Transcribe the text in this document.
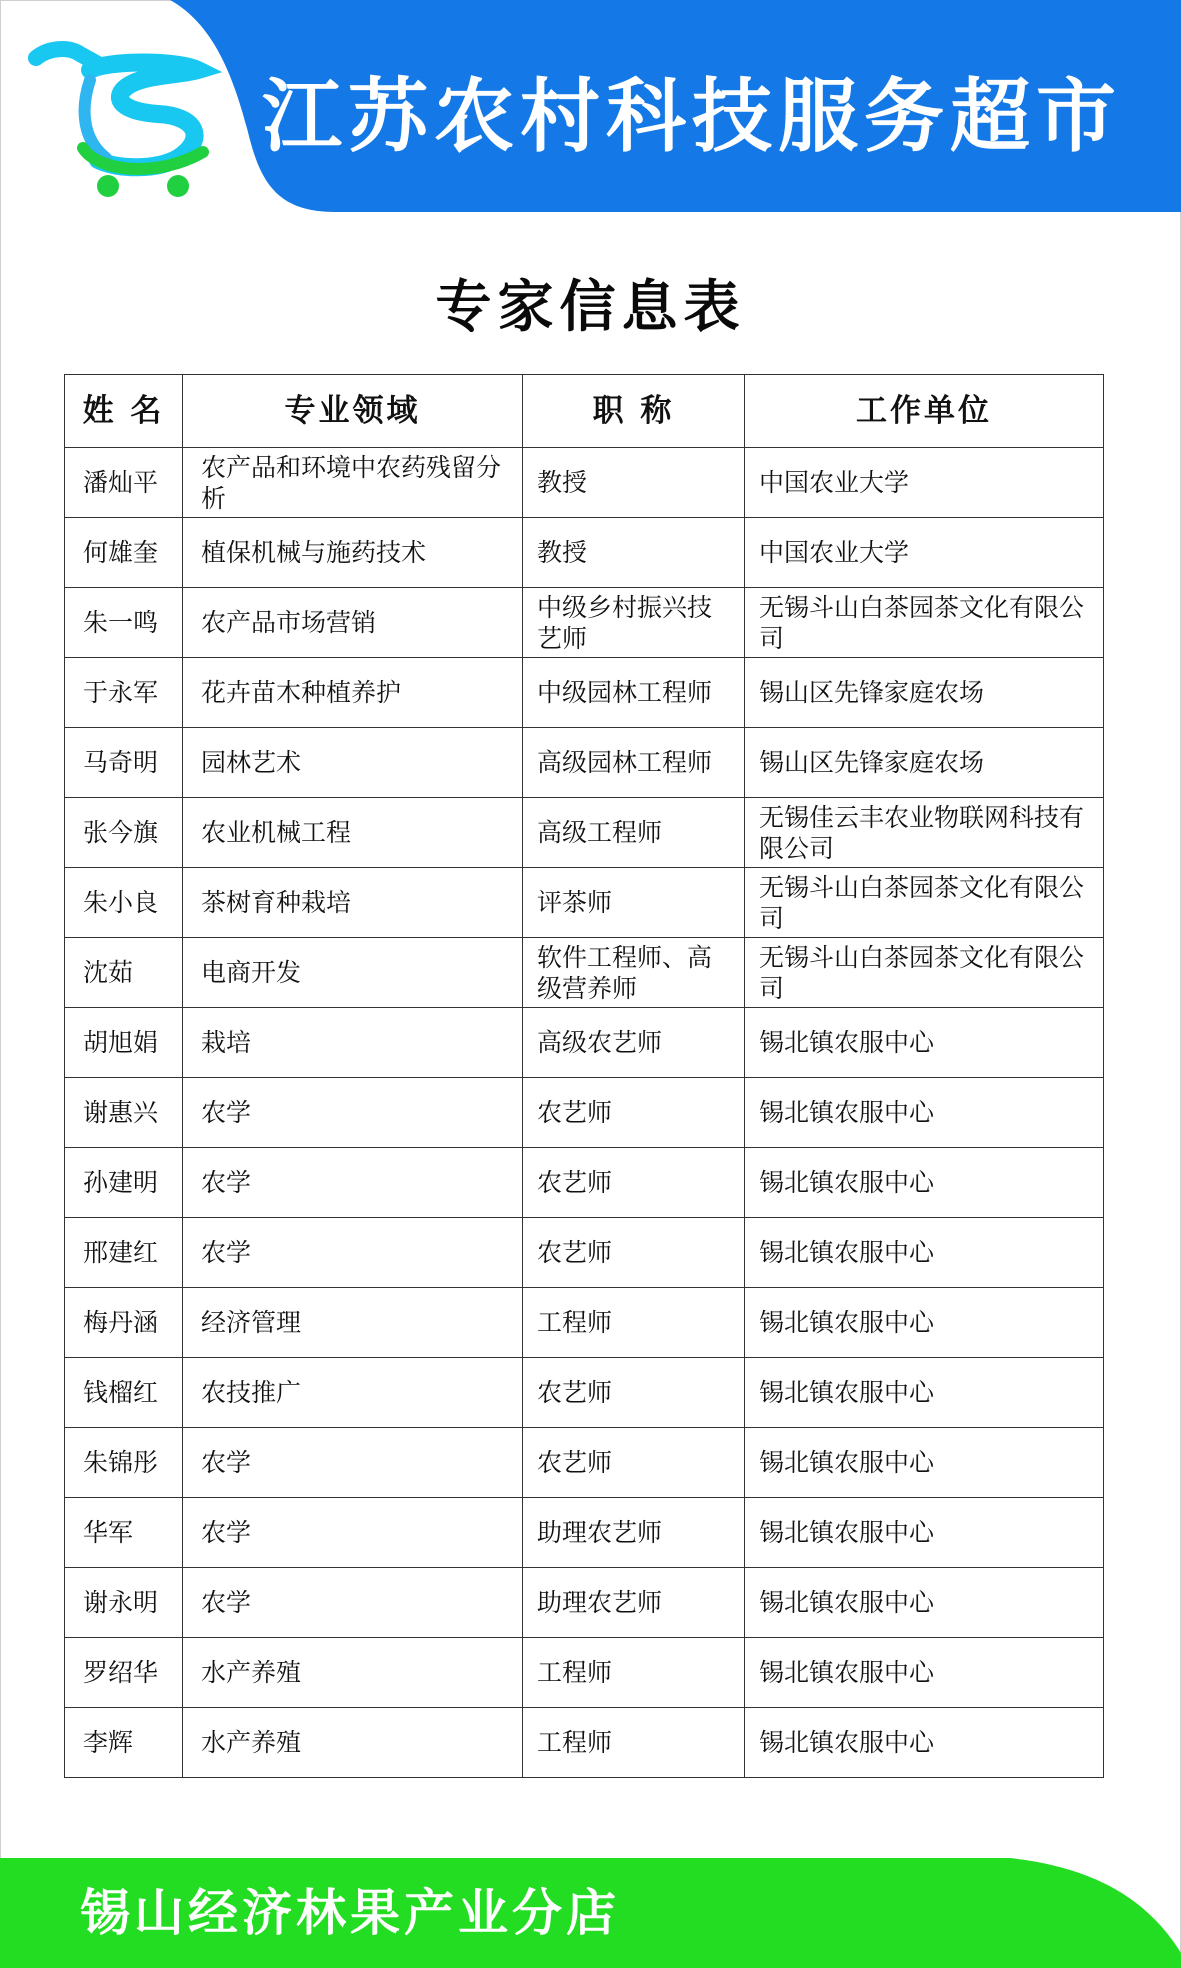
江苏农村科技服务超市
专家信息表
姓 名	专业领域	职 称	工作单位
潘灿平	农产品和环境中农药残留分析	教授	中国农业大学
何雄奎	植保机械与施药技术	教授	中国农业大学
朱一鸣	农产品市场营销	中级乡村振兴技艺师	无锡斗山白茶园茶文化有限公司
于永军	花卉苗木种植养护	中级园林工程师	锡山区先锋家庭农场
马奇明	园林艺术	高级园林工程师	锡山区先锋家庭农场
张今旗	农业机械工程	高级工程师	无锡佳云丰农业物联网科技有限公司
朱小良	茶树育种栽培	评茶师	无锡斗山白茶园茶文化有限公司
沈茹	电商开发	软件工程师、高级营养师	无锡斗山白茶园茶文化有限公司
胡旭娟	栽培	高级农艺师	锡北镇农服中心
谢惠兴	农学	农艺师	锡北镇农服中心
孙建明	农学	农艺师	锡北镇农服中心
邢建红	农学	农艺师	锡北镇农服中心
梅丹涵	经济管理	工程师	锡北镇农服中心
钱榴红	农技推广	农艺师	锡北镇农服中心
朱锦彤	农学	农艺师	锡北镇农服中心
华军	农学	助理农艺师	锡北镇农服中心
谢永明	农学	助理农艺师	锡北镇农服中心
罗绍华	水产养殖	工程师	锡北镇农服中心
李辉	水产养殖	工程师	锡北镇农服中心
锡山经济林果产业分店
